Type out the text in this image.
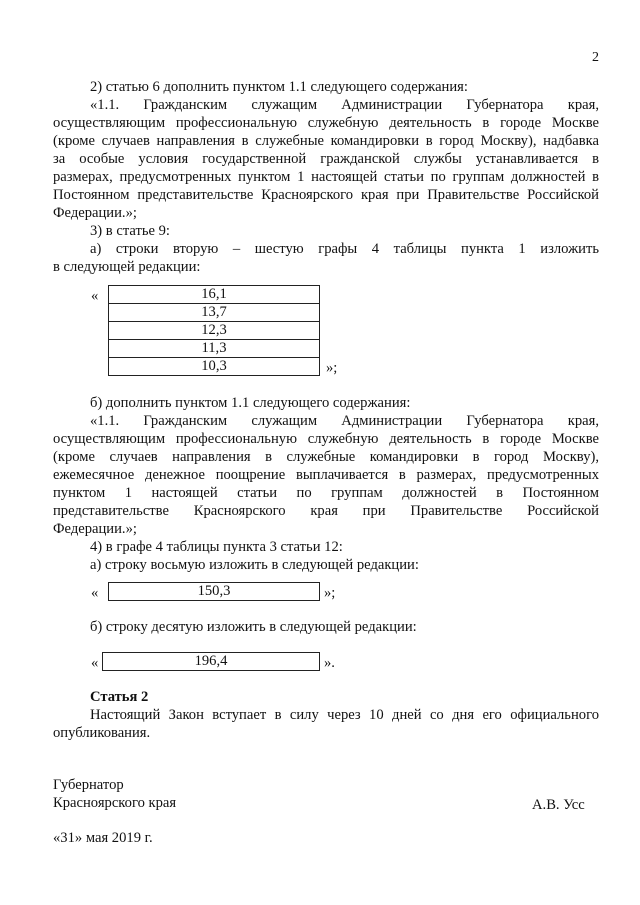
2
2) статью 6 дополнить пунктом 1.1 следующего содержания:
«1.1. Гражданским служащим Администрации Губернатора края,
осуществляющим профессиональную служебную деятельность в городе Москве
(кроме случаев направления в служебные командировки в город Москву), надбавка
за особые условия государственной гражданской службы устанавливается в
размерах, предусмотренных пунктом 1 настоящей статьи по группам должностей в
Постоянном представительстве Красноярского края при Правительстве Российской
Федерации.»;
3) в статье 9:
а) строки вторую – шестую графы 4 таблицы пункта 1 изложить
в следующей редакции:
«	16,1
13,7
12,3
11,3
10,3	»;
б) дополнить пунктом 1.1 следующего содержания:
«1.1. Гражданским служащим Администрации Губернатора края,
осуществляющим профессиональную служебную деятельность в городе Москве
(кроме случаев направления в служебные командировки в город Москву),
ежемесячное денежное поощрение выплачивается в размерах, предусмотренных
пунктом 1 настоящей статьи по группам должностей в Постоянном
представительстве Красноярского края при Правительстве Российской
Федерации.»;
4) в графе 4 таблицы пункта 3 статьи 12:
а) строку восьмую изложить в следующей редакции:
«	150,3	»;
б) строку десятую изложить в следующей редакции:
«	196,4	».
Статья 2
Настоящий Закон вступает в силу через 10 дней со дня его официального
опубликования.
Губернатор
Красноярского края	А.В. Усс
«31» мая 2019 г.
